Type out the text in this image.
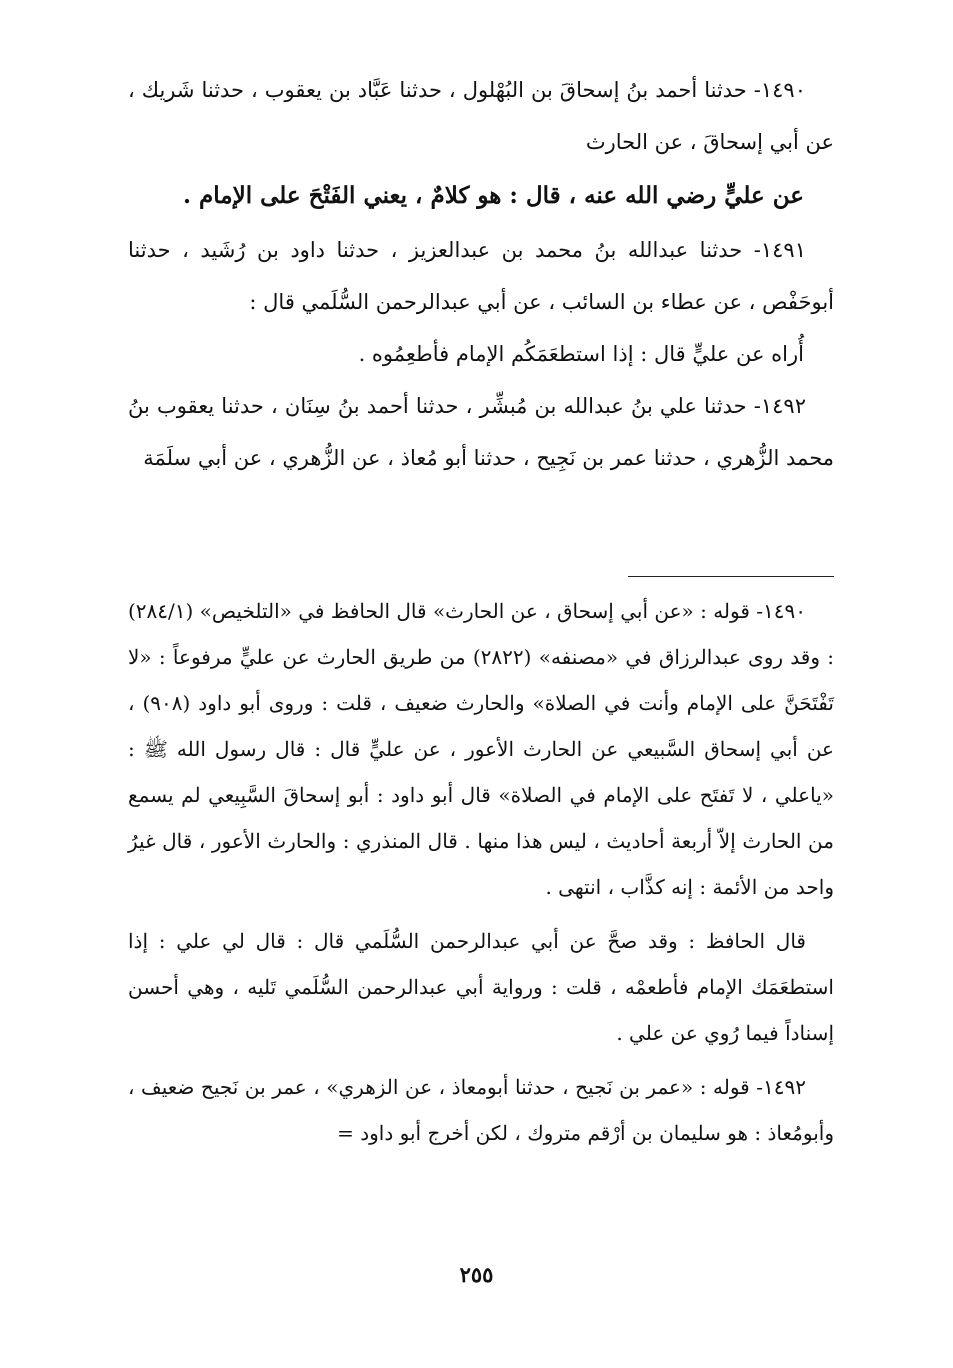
١٤٩٠- حدثنا أحمد بنُ إسحاقَ بن البُهْلول ، حدثنا عَبَّاد بن يعقوب ، حدثنا شَريك ، عن أبي إسحاقَ ، عن الحارث

عن عليٍّ رضي الله عنه ، قال : هو كلامٌ ، يعني الفَتْحَ على الإمام .

١٤٩١- حدثنا عبدالله بنُ محمد بن عبدالعزيز ، حدثنا داود بن رُشَيد ، حدثنا أبوحَفْص ، عن عطاء بن السائب ، عن أبي عبدالرحمن السُّلَمي قال :

أُراه عن عليٍّ قال : إذا استطعَمَكُم الإمام فأطعِمُوه .

١٤٩٢- حدثنا علي بنُ عبدالله بن مُبشِّر ، حدثنا أحمد بنُ سِنَان ، حدثنا يعقوب بنُ محمد الزُّهري ، حدثنا عمر بن نَجِيح ، حدثنا أبو مُعاذ ، عن الزُّهري ، عن أبي سلَمَة

١٤٩٠- قوله : «عن أبي إسحاق ، عن الحارث» قال الحافظ في «التلخيص» (٢٨٤/١) : وقد روى عبدالرزاق في «مصنفه» (٢٨٢٢) من طريق الحارث عن عليٍّ مرفوعاً : «لا تَفْتَحَنَّ على الإمام وأنت في الصلاة» والحارث ضعيف ، قلت : وروى أبو داود (٩٠٨) ، عن أبي إسحاق السَّبيعي عن الحارث الأعور ، عن عليٍّ قال : قال رسول الله ﷺ : «ياعلي ، لا تَفتَح على الإمام في الصلاة» قال أبو داود : أبو إسحاقَ السَّبِيعي لم يسمع من الحارث إلاّ أربعة أحاديث ، ليس هذا منها . قال المنذري : والحارث الأعور ، قال غيرُ واحد من الأئمة : إنه كذَّاب ، انتهى .

قال الحافظ : وقد صحَّ عن أبي عبدالرحمن السُّلَمي قال : قال لي علي : إذا استطعَمَك الإمام فأطعمْه ، قلت : ورواية أبي عبدالرحمن السُّلَمي تَليه ، وهي أحسن إسناداً فيما رُوي عن علي .

١٤٩٢- قوله : «عمر بن نَجيح ، حدثنا أبومعاذ ، عن الزهري» ، عمر بن نَجيح ضعيف ، وأبومُعاذ : هو سليمان بن أرْقم متروك ، لكن أخرج أبو داود =

٢٥٥
